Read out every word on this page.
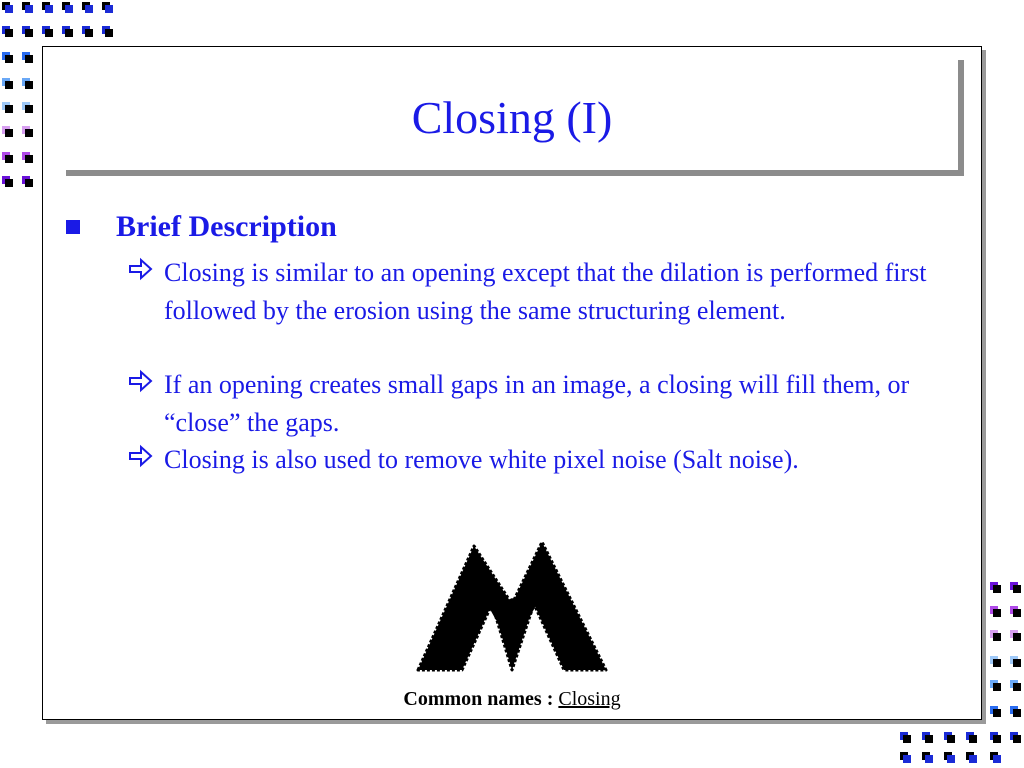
Closing (I)
Brief Description
Closing is similar to an opening except that the dilation is performed first followed by the erosion using the same structuring element.
If an opening creates small gaps in an image, a closing will fill them, or “close” the gaps.
Closing is also used to remove white pixel noise (Salt noise).
Common names : Closing
